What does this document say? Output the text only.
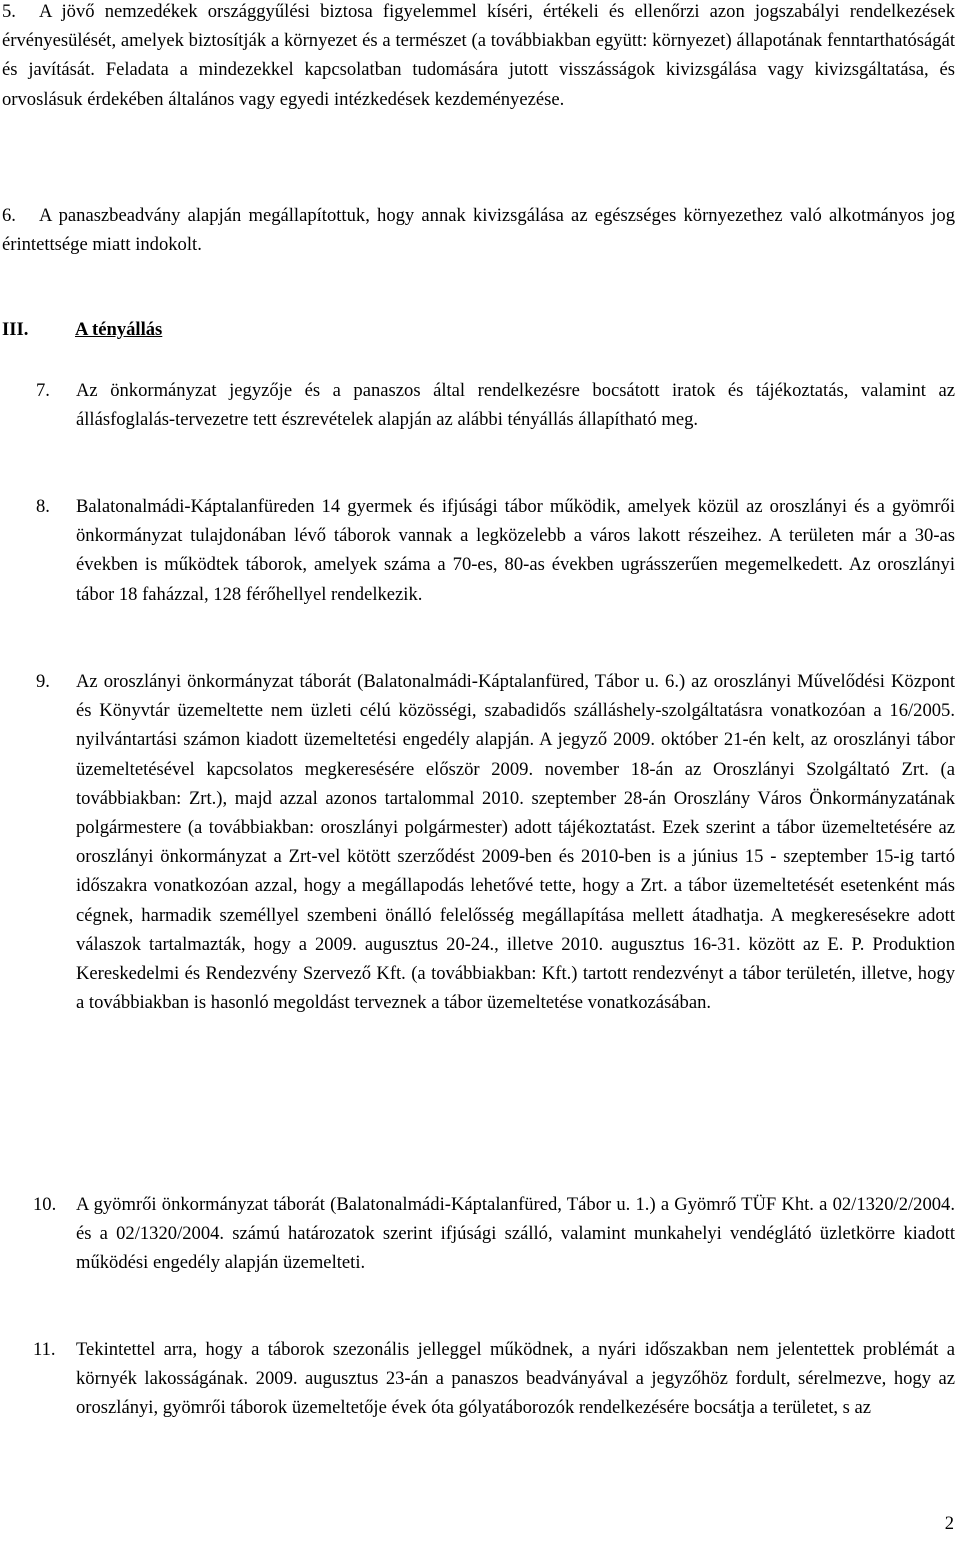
5. A jövő nemzedékek országgyűlési biztosa figyelemmel kíséri, értékeli és ellenőrzi azon jogszabályi rendelkezések érvényesülését, amelyek biztosítják a környezet és a természet (a továbbiakban együtt: környezet) állapotának fenntarthatóságát és javítását. Feladata a mindezekkel kapcsolatban tudomására jutott visszásságok kivizsgálása vagy kivizsgáltatása, és orvoslásuk érdekében általános vagy egyedi intézkedések kezdeményezése.

6. A panaszbeadvány alapján megállapítottuk, hogy annak kivizsgálása az egészséges környezethez való alkotmányos jog érintettsége miatt indokolt.

III.	A tényállás
7.	Az önkormányzat jegyzője és a panaszos által rendelkezésre bocsátott iratok és tájékoztatás, valamint az állásfoglalás-tervezetre tett észrevételek alapján az alábbi tényállás állapítható meg.
8.	Balatonalmádi-Káptalanfüreden 14 gyermek és ifjúsági tábor működik, amelyek közül az oroszlányi és a gyömrői önkormányzat tulajdonában lévő táborok vannak a legközelebb a város lakott részeihez. A területen már a 30-as években is működtek táborok, amelyek száma a 70-es, 80-as években ugrásszerűen megemelkedett. Az oroszlányi tábor 18 faházzal, 128 férőhellyel rendelkezik.
9.	Az oroszlányi önkormányzat táborát (Balatonalmádi-Káptalanfüred, Tábor u. 6.) az oroszlányi Művelődési Központ és Könyvtár üzemeltette nem üzleti célú közösségi, szabadidős szálláshely-szolgáltatásra vonatkozóan a 16/2005. nyilvántartási számon kiadott üzemeltetési engedély alapján. A jegyző 2009. október 21-én kelt, az oroszlányi tábor üzemeltetésével kapcsolatos megkeresésére először 2009. november 18-án az Oroszlányi Szolgáltató Zrt. (a továbbiakban: Zrt.), majd azzal azonos tartalommal 2010. szeptember 28-án Oroszlány Város Önkormányzatának polgármestere (a továbbiakban: oroszlányi polgármester) adott tájékoztatást. Ezek szerint a tábor üzemeltetésére az oroszlányi önkormányzat a Zrt-vel kötött szerződést 2009-ben és 2010-ben is a június 15 - szeptember 15-ig tartó időszakra vonatkozóan azzal, hogy a megállapodás lehetővé tette, hogy a Zrt. a tábor üzemeltetését esetenként más cégnek, harmadik személlyel szembeni önálló felelősség megállapítása mellett átadhatja. A megkeresésekre adott válaszok tartalmazták, hogy a 2009. augusztus 20-24., illetve 2010. augusztus 16-31. között az E. P. Produktion Kereskedelmi és Rendezvény Szervező Kft. (a továbbiakban: Kft.) tartott rendezvényt a tábor területén, illetve, hogy a továbbiakban is hasonló megoldást terveznek a tábor üzemeltetése vonatkozásában.
10.	A gyömrői önkormányzat táborát (Balatonalmádi-Káptalanfüred, Tábor u. 1.) a Gyömrő TÜF Kht. a 02/1320/2/2004. és a 02/1320/2004. számú határozatok szerint ifjúsági szálló, valamint munkahelyi vendéglátó üzletkörre kiadott működési engedély alapján üzemelteti.
11.	Tekintettel arra, hogy a táborok szezonális jelleggel működnek, a nyári időszakban nem jelentettek problémát a környék lakosságának. 2009. augusztus 23-án a panaszos beadványával a jegyzőhöz fordult, sérelmezve, hogy az oroszlányi, gyömrői táborok üzemeltetője évek óta gólyatáborozók rendelkezésére bocsátja a területet, s az
2
